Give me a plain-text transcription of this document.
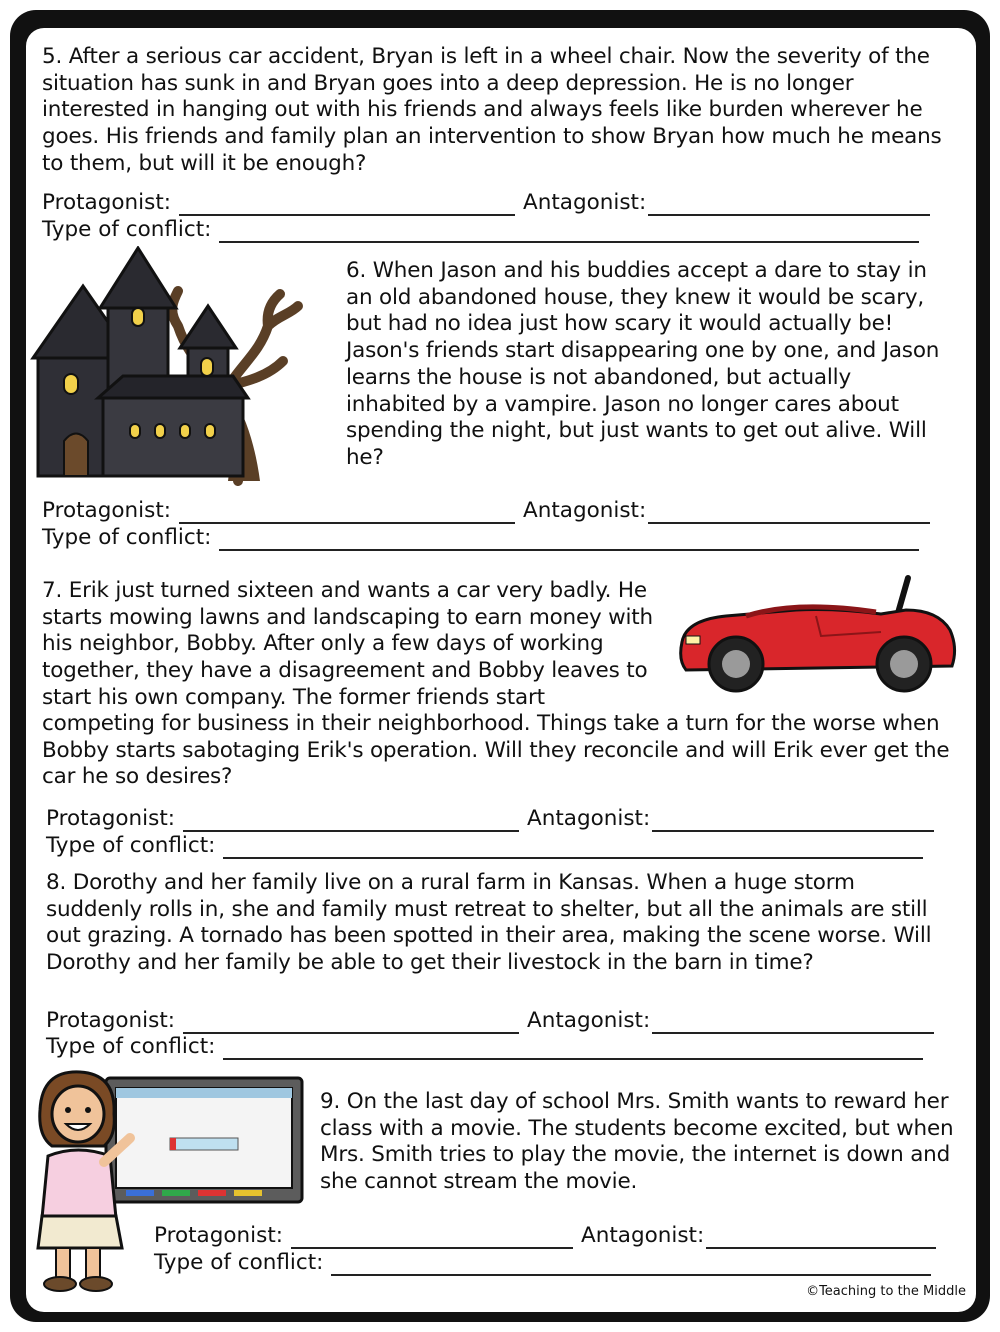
5. After a serious car accident, Bryan is left in a wheel chair. Now the severity of the situation has sunk in and Bryan goes into a deep depression. He is no longer interested in hanging out with his friends and always feels like burden wherever he goes. His friends and family plan an intervention to show Bryan how much he means to them, but will it be enough?
Protagonist:	Antagonist:
Type of conflict:
6. When Jason and his buddies accept a dare to stay in an old abandoned house, they knew it would be scary, but had no idea just how scary it would actually be! Jason's friends start disappearing one by one, and Jason learns the house is not abandoned, but actually inhabited by a vampire. Jason no longer cares about spending the night, but just wants to get out alive. Will he?
Protagonist:	Antagonist:
Type of conflict:
7. Erik just turned sixteen and wants a car very badly. He starts mowing lawns and landscaping to earn money with his neighbor, Bobby. After only a few days of working together, they have a disagreement and Bobby leaves to start his own company. The former friends start
competing for business in their neighborhood. Things take a turn for the worse when Bobby starts sabotaging Erik's operation. Will they reconcile and will Erik ever get the car he so desires?
Protagonist:	Antagonist:
Type of conflict:
8. Dorothy and her family live on a rural farm in Kansas. When a huge storm suddenly rolls in, she and family must retreat to shelter, but all the animals are still out grazing. A tornado has been spotted in their area, making the scene worse. Will Dorothy and her family be able to get their livestock in the barn in time?
Protagonist:	Antagonist:
Type of conflict:
9. On the last day of school Mrs. Smith wants to reward her class with a movie. The students become excited, but when Mrs. Smith tries to play the movie, the internet is down and she cannot stream the movie.
Protagonist:	Antagonist:
Type of conflict:
©Teaching to the Middle
